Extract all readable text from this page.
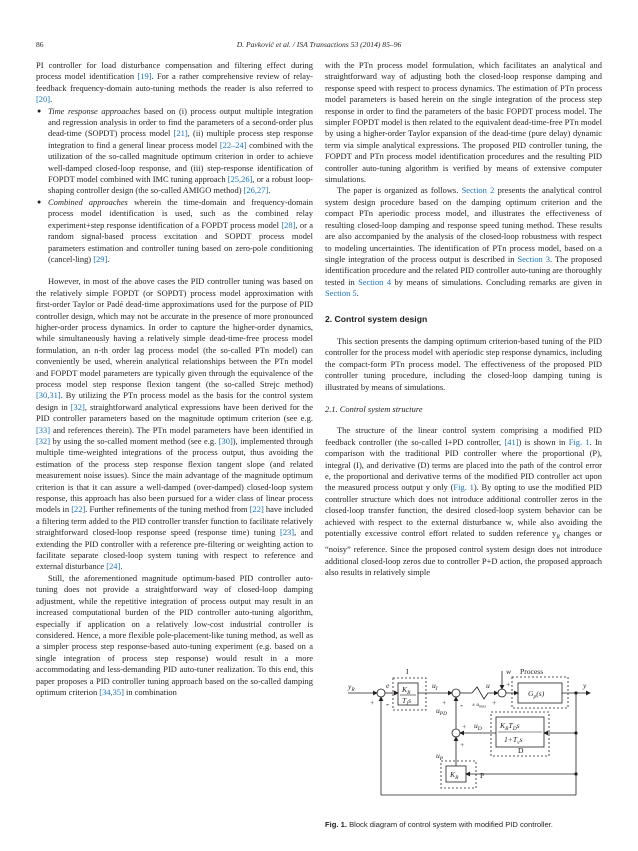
86	D. Pavković et al. / ISA Transactions 53 (2014) 85–96

PI controller for load disturbance compensation and filtering effect during process model identification [19]. For a rather comprehensive review of relay-feedback frequency-domain auto-tuning methods the reader is also referred to [20].

● Time response approaches based on (i) process output multiple integration and regression analysis in order to find the parameters of a second-order plus dead-time (SOPDT) process model [21], (ii) multiple process step response integration to find a general linear process model [22–24] combined with the utilization of the so-called magnitude optimum criterion in order to achieve well-damped closed-loop response, and (iii) step-response identification of FOPDT model combined with IMC tuning approach [25,26], or a robust loop-shaping controller design (the so-called AMIGO method) [26,27].
● Combined approaches wherein the time-domain and frequency-domain process model identification is used, such as the combined relay experiment+step response identification of a FOPDT process model [28], or a random signal-based process excitation and SOPDT process model parameters estimation and controller tuning based on zero-pole conditioning (cancel-ling) [29].

However, in most of the above cases the PID controller tuning was based on the relatively simple FOPDT (or SOPDT) process model approximation with first-order Taylor or Padé dead-time approximations used for the purpose of PID controller design, which may not be accurate in the presence of more pronounced higher-order process dynamics. In order to capture the higher-order dynamics, while simultaneously having a relatively simple dead-time-free process model formulation, an n-th order lag process model (the so-called PTn model) can conveniently be used, wherein analytical relationships between the PTn model and FOPDT model parameters are typically given through the equivalence of the process model step response flexion tangent (the so-called Strejc method) [30,31]. By utilizing the PTn process model as the basis for the control system design in [32], straightforward analytical expressions have been derived for the PID controller parameters based on the magnitude optimum criterion (see e.g. [33] and references therein). The PTn model parameters have been identified in [32] by using the so-called moment method (see e.g. [30]), implemented through multiple time-weighted integrations of the process output, thus avoiding the estimation of the process step response flexion tangent slope (and related measurement noise issues). Since the main advantage of the magnitude optimum criterion is that it can assure a well-damped (over-damped) closed-loop system response, this approach has also been pursued for a wider class of linear process models in [22]. Further refinements of the tuning method from [22] have included a filtering term added to the PID controller transfer function to facilitate relatively straightforward closed-loop response speed (response time) tuning [23], and extending the PID controller with a reference pre-filtering or weighting action to facilitate separate closed-loop system tuning with respect to reference and external disturbance [24].

Still, the aforementioned magnitude optimum-based PID controller auto-tuning does not provide a straightforward way of closed-loop damping adjustment, while the repetitive integration of process output may result in an increased computational burden of the PID controller auto-tuning algorithm, especially if application on a relatively low-cost industrial controller is considered. Hence, a more flexible pole-placement-like tuning method, as well as a simpler process step response-based auto-tuning experiment (e.g. based on a single integration of process step response) would result in a more accommodating and less-demanding PID auto-tuner realization. To this end, this paper proposes a PID controller tuning approach based on the so-called damping optimum criterion [34,35] in combination

with the PTn process model formulation, which facilitates an analytical and straightforward way of adjusting both the closed-loop response damping and response speed with respect to process dynamics. The estimation of PTn process model parameters is based herein on the single integration of the process step response in order to find the parameters of the basic FOPDT process model. The simpler FOPDT model is then related to the equivalent dead-time-free PTn model by using a higher-order Taylor expansion of the dead-time (pure delay) dynamic term via simple analytical expressions. The proposed PID controller tuning, the FOPDT and PTn process model identification procedures and the resulting PID controller auto-tuning algorithm is verified by means of extensive computer simulations.

The paper is organized as follows. Section 2 presents the analytical control system design procedure based on the damping optimum criterion and the compact PTn aperiodic process model, and illustrates the effectiveness of resulting closed-loop damping and response speed tuning method. These results are also accompanied by the analysis of the closed-loop robustness with respect to modeling uncertainties. The identification of PTn process model, based on a single integration of the process output is described in Section 3. The proposed identification procedure and the related PID controller auto-tuning are thoroughly tested in Section 4 by means of simulations. Concluding remarks are given in Section 5.

2. Control system design

This section presents the damping optimum criterion-based tuning of the PID controller for the process model with aperiodic step response dynamics, including the compact-form PTn process model. The effectiveness of the proposed PID controller tuning procedure, including the closed-loop damping tuning is illustrated by means of simulations.

2.1. Control system structure

The structure of the linear control system comprising a modified PID feedback controller (the so-called I+PD controller, [41]) is shown in Fig. 1. In comparison with the traditional PID controller where the proportional (P), integral (I), and derivative (D) terms are placed into the path of the control error e, the proportional and derivative terms of the modified PID controller act upon the measured process output y only (Fig. 1). By opting to use the modified PID controller structure which does not introduce additional controller zeros in the closed-loop transfer function, the desired closed-loop system behavior can be achieved with respect to the external disturbance w, while also avoiding the potentially excessive control effort related to sudden reference $y_R$ changes or “noisy” reference. Since the proposed control system design does not introduce additional closed-loop zeros due to controller P+D action, the proposed approach also results in relatively simple

I	w Process
$y_R$	e $K_R$
$T_Is$
$u_I$	u
± $u_{max}$
$G_p(s)$
y
$u_{PD}$
$u_D$ $K_RT_Ds$
$1+T_vs$
D
$u_P$
$K_R$	P
+ -	+ -	+
+
+
+
Fig. 1. Block diagram of control system with modified PID controller.
